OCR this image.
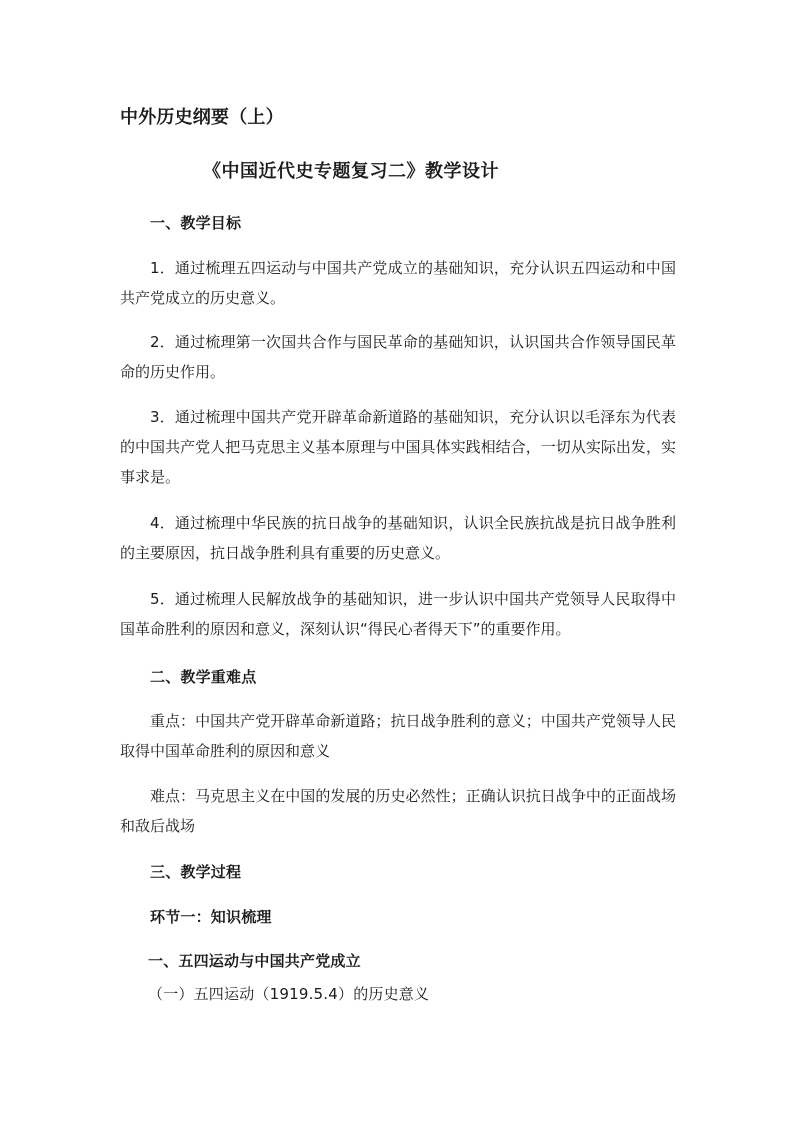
中外历史纲要（上）
《中国近代史专题复习二》教学设计
一、教学目标

1．通过梳理五四运动与中国共产党成立的基础知识，充分认识五四运动和中国共产党成立的历史意义。

2．通过梳理第一次国共合作与国民革命的基础知识，认识国共合作领导国民革命的历史作用。

3．通过梳理中国共产党开辟革命新道路的基础知识，充分认识以毛泽东为代表的中国共产党人把马克思主义基本原理与中国具体实践相结合，一切从实际出发，实事求是。

4．通过梳理中华民族的抗日战争的基础知识，认识全民族抗战是抗日战争胜利的主要原因，抗日战争胜利具有重要的历史意义。

5．通过梳理人民解放战争的基础知识，进一步认识中国共产党领导人民取得中国革命胜利的原因和意义，深刻认识“得民心者得天下”的重要作用。

二、教学重难点

重点：中国共产党开辟革命新道路；抗日战争胜利的意义；中国共产党领导人民取得中国革命胜利的原因和意义

难点：马克思主义在中国的发展的历史必然性；正确认识抗日战争中的正面战场和敌后战场

三、教学过程
环节一：知识梳理
一、五四运动与中国共产党成立
（一）五四运动（1919.5.4）的历史意义
